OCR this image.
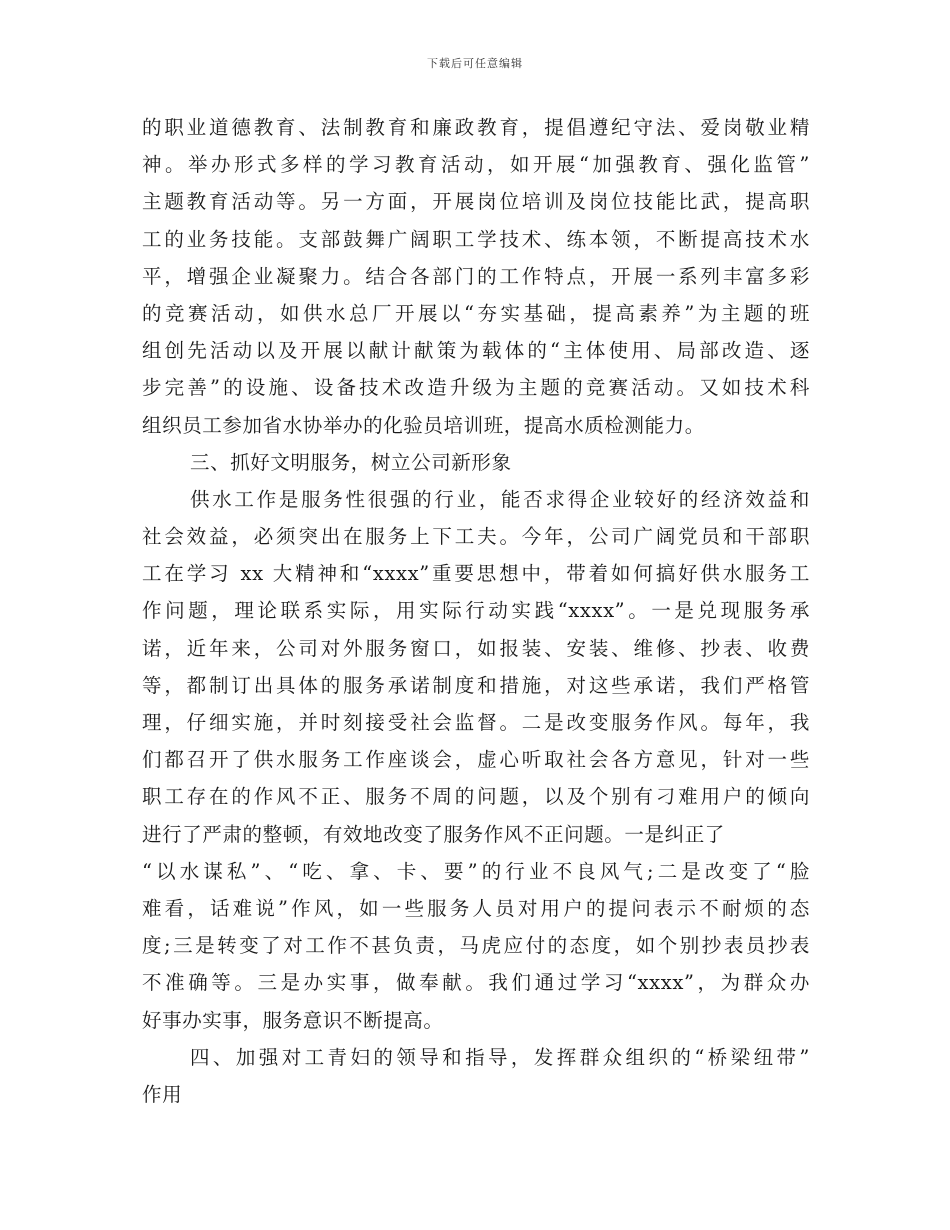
下载后可任意编辑
的职业道德教育、法制教育和廉政教育，提倡遵纪守法、爱岗敬业精
神。举办形式多样的学习教育活动，如开展“加强教育、强化监管”
主题教育活动等。另一方面，开展岗位培训及岗位技能比武，提高职
工的业务技能。支部鼓舞广阔职工学技术、练本领，不断提高技术水
平，增强企业凝聚力。结合各部门的工作特点，开展一系列丰富多彩
的竞赛活动，如供水总厂开展以“夯实基础，提高素养”为主题的班
组创先活动以及开展以献计献策为载体的“主体使用、局部改造、逐
步完善”的设施、设备技术改造升级为主题的竞赛活动。又如技术科
组织员工参加省水协举办的化验员培训班，提高水质检测能力。
三、抓好文明服务，树立公司新形象
供水工作是服务性很强的行业，能否求得企业较好的经济效益和
社会效益，必须突出在服务上下工夫。今年，公司广阔党员和干部职
工在学习 xx 大精神和“xxxx”重要思想中，带着如何搞好供水服务工
作问题，理论联系实际，用实际行动实践“xxxx”。一是兑现服务承
诺，近年来，公司对外服务窗口，如报装、安装、维修、抄表、收费
等，都制订出具体的服务承诺制度和措施，对这些承诺，我们严格管
理，仔细实施，并时刻接受社会监督。二是改变服务作风。每年，我
们都召开了供水服务工作座谈会，虚心听取社会各方意见，针对一些
职工存在的作风不正、服务不周的问题，以及个别有刁难用户的倾向
进行了严肃的整顿，有效地改变了服务作风不正问题。一是纠正了
“以水谋私”、“吃、拿、卡、要”的行业不良风气;二是改变了“脸
难看，话难说”作风，如一些服务人员对用户的提问表示不耐烦的态
度;三是转变了对工作不甚负责，马虎应付的态度，如个别抄表员抄表
不准确等。三是办实事，做奉献。我们通过学习“xxxx”，为群众办
好事办实事，服务意识不断提高。
四、加强对工青妇的领导和指导，发挥群众组织的“桥梁纽带”
作用
